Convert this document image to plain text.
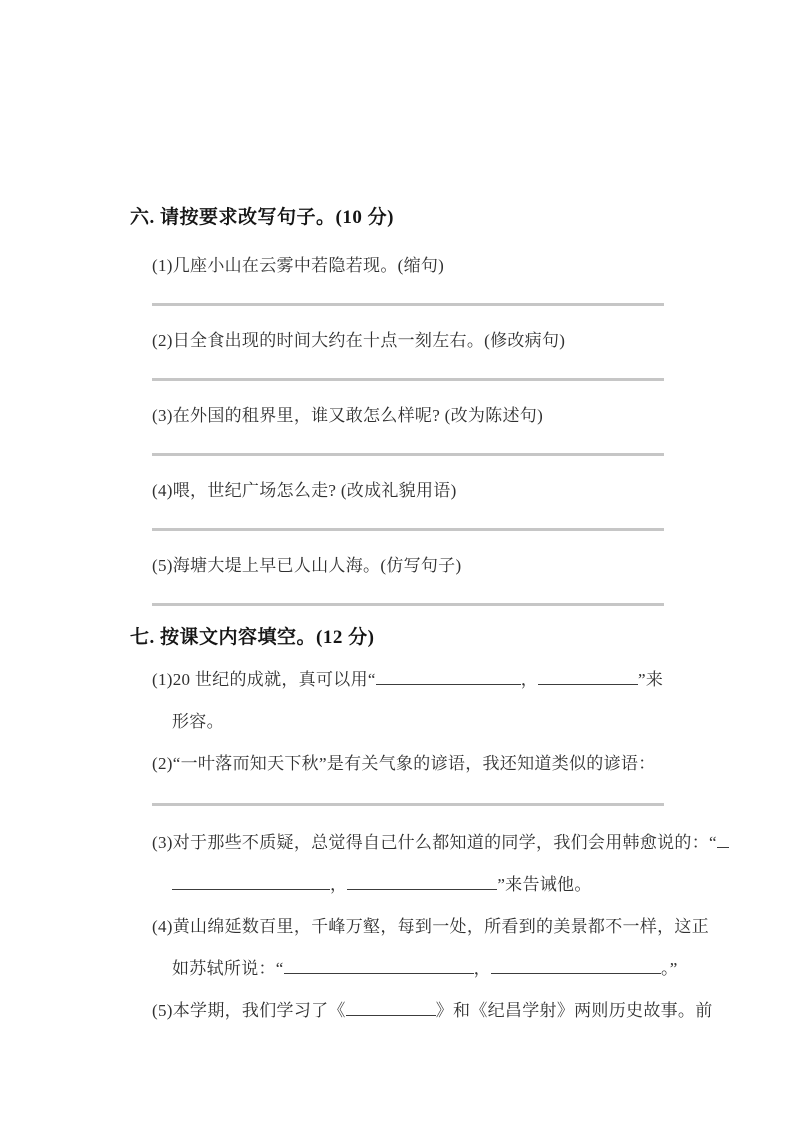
六. 请按要求改写句子。(10 分)
(1)几座小山在云雾中若隐若现。(缩句)
(2)日全食出现的时间大约在十点一刻左右。(修改病句)
(3)在外国的租界里，谁又敢怎么样呢? (改为陈述句)
(4)喂，世纪广场怎么走? (改成礼貌用语)
(5)海塘大堤上早已人山人海。(仿写句子)
七. 按课文内容填空。(12 分)
(1)20 世纪的成就，真可以用“	，	”来
形容。
(2)“一叶落而知天下秋”是有关气象的谚语，我还知道类似的谚语：
(3)对于那些不质疑，总觉得自己什么都知道的同学，我们会用韩愈说的：“
，	”来告诫他。
(4)黄山绵延数百里，千峰万壑，每到一处，所看到的美景都不一样，这正
如苏轼所说：“	，	。”
(5)本学期，我们学习了《	》和《纪昌学射》两则历史故事。前
